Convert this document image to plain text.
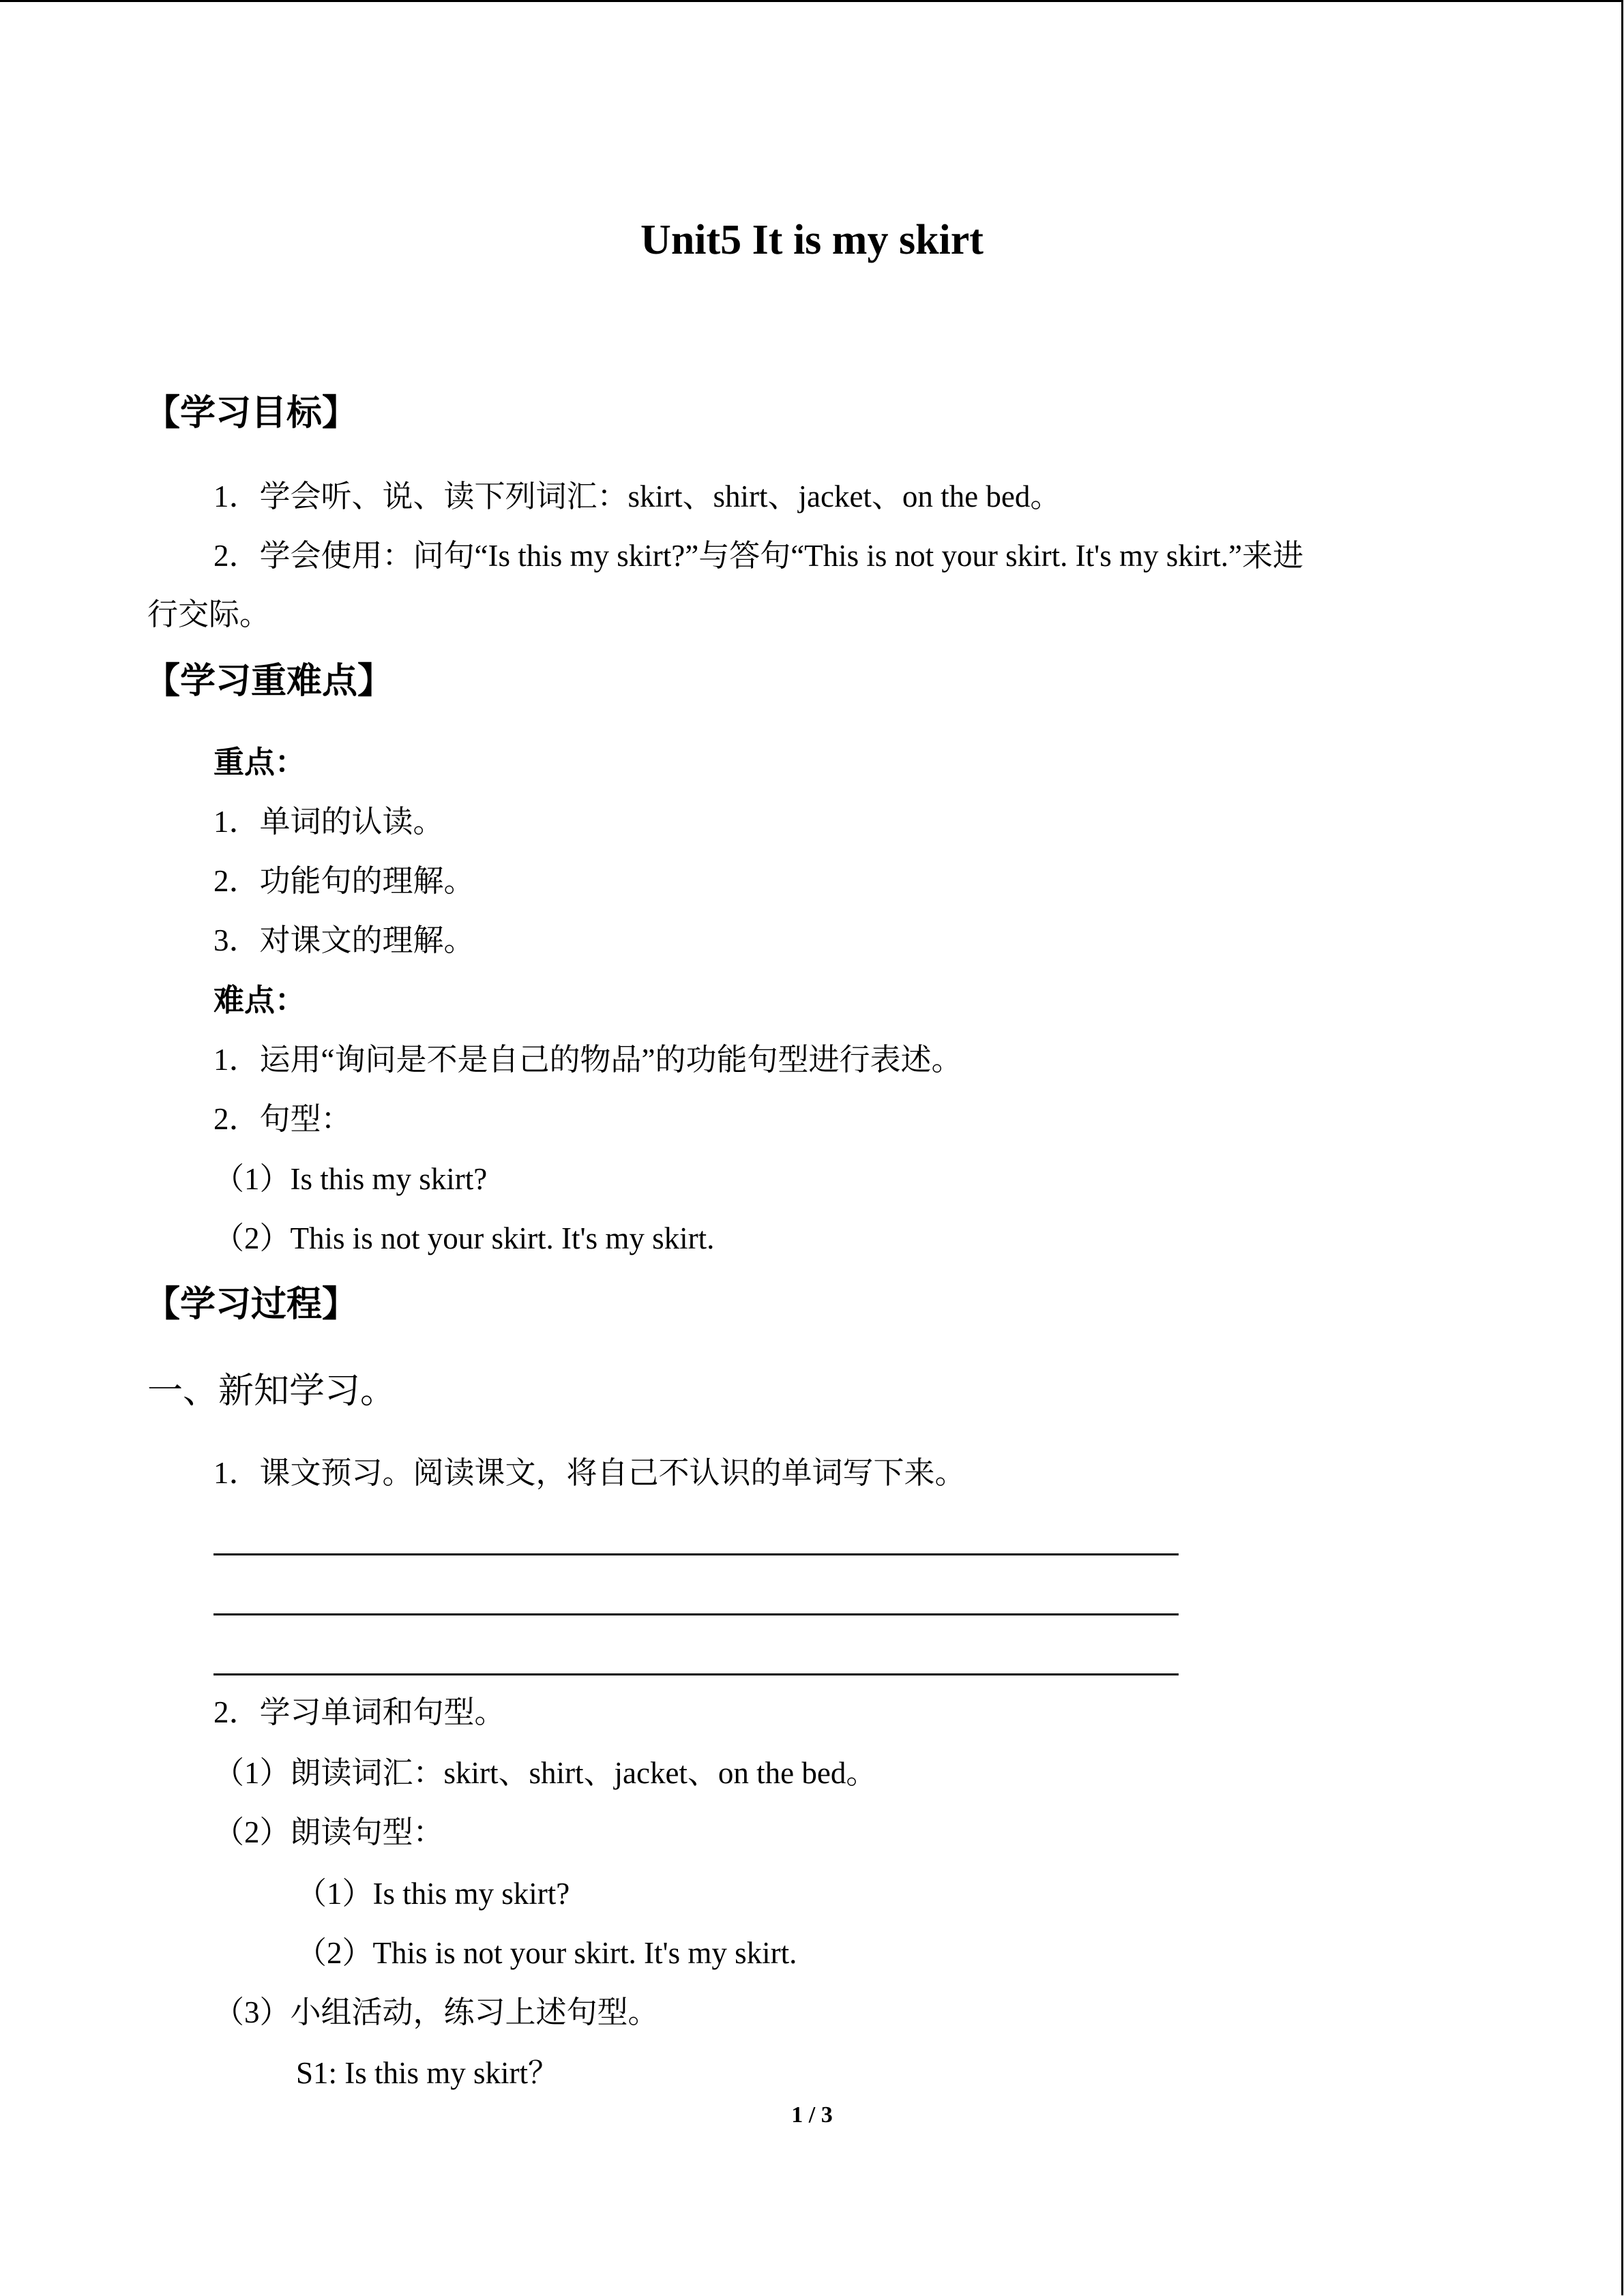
Unit5 It is my skirt
【学习目标】
1．学会听、说、读下列词汇：skirt、shirt、jacket、on the bed。
2．学会使用：问句“Is this my skirt?”与答句“This is not your skirt. It's my skirt.”来进
行交际。
【学习重难点】
重点：
1．单词的认读。
2．功能句的理解。
3．对课文的理解。
难点：
1．运用“询问是不是自己的物品”的功能句型进行表述。
2．句型：
（1）Is this my skirt?
（2）This is not your skirt. It's my skirt.
【学习过程】
一、新知学习。
1．课文预习。阅读课文，将自己不认识的单词写下来。
2．学习单词和句型。
（1）朗读词汇：skirt、shirt、jacket、on the bed。
（2）朗读句型：
（1）Is this my skirt?
（2）This is not your skirt. It's my skirt.
（3）小组活动，练习上述句型。
S1: Is this my skirt？
1 / 3
